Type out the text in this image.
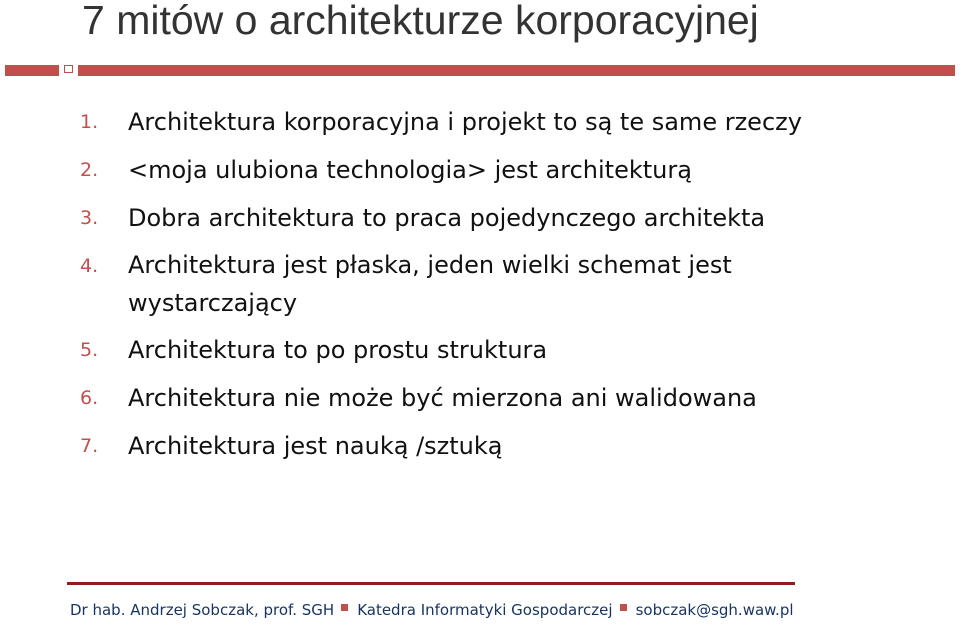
7 mitów o architekturze korporacyjnej
1. Architektura korporacyjna i projekt to są te same rzeczy
2. <moja ulubiona technologia> jest architekturą
3. Dobra architektura to praca pojedynczego architekta
4. Architektura jest płaska, jeden wielki schemat jest wystarczający
5. Architektura to po prostu struktura
6. Architektura nie może być mierzona ani walidowana
7. Architektura jest nauką /sztuką
Dr hab. Andrzej Sobczak, prof. SGH Katedra Informatyki Gospodarczej sobczak@sgh.waw.pl
